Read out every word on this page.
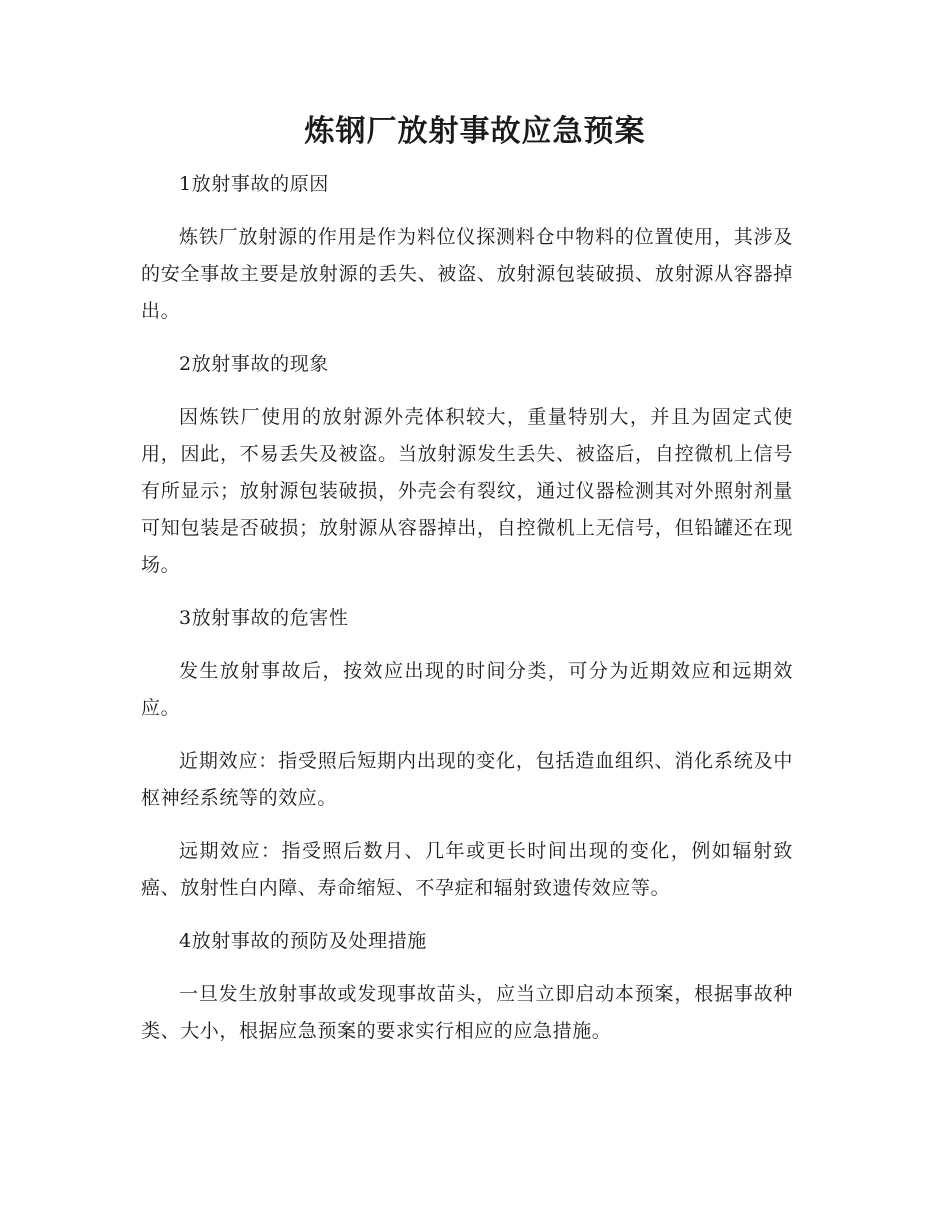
炼钢厂放射事故应急预案

1放射事故的原因

炼铁厂放射源的作用是作为料位仪探测料仓中物料的位置使用，其涉及的安全事故主要是放射源的丢失、被盗、放射源包装破损、放射源从容器掉出。

2放射事故的现象

因炼铁厂使用的放射源外壳体积较大，重量特别大，并且为固定式使用，因此，不易丢失及被盗。当放射源发生丢失、被盗后，自控微机上信号有所显示；放射源包装破损，外壳会有裂纹，通过仪器检测其对外照射剂量可知包装是否破损；放射源从容器掉出，自控微机上无信号，但铅罐还在现场。

3放射事故的危害性

发生放射事故后，按效应出现的时间分类，可分为近期效应和远期效应。

近期效应：指受照后短期内出现的变化，包括造血组织、消化系统及中枢神经系统等的效应。

远期效应：指受照后数月、几年或更长时间出现的变化，例如辐射致癌、放射性白内障、寿命缩短、不孕症和辐射致遗传效应等。

4放射事故的预防及处理措施

一旦发生放射事故或发现事故苗头，应当立即启动本预案，根据事故种类、大小，根据应急预案的要求实行相应的应急措施。
